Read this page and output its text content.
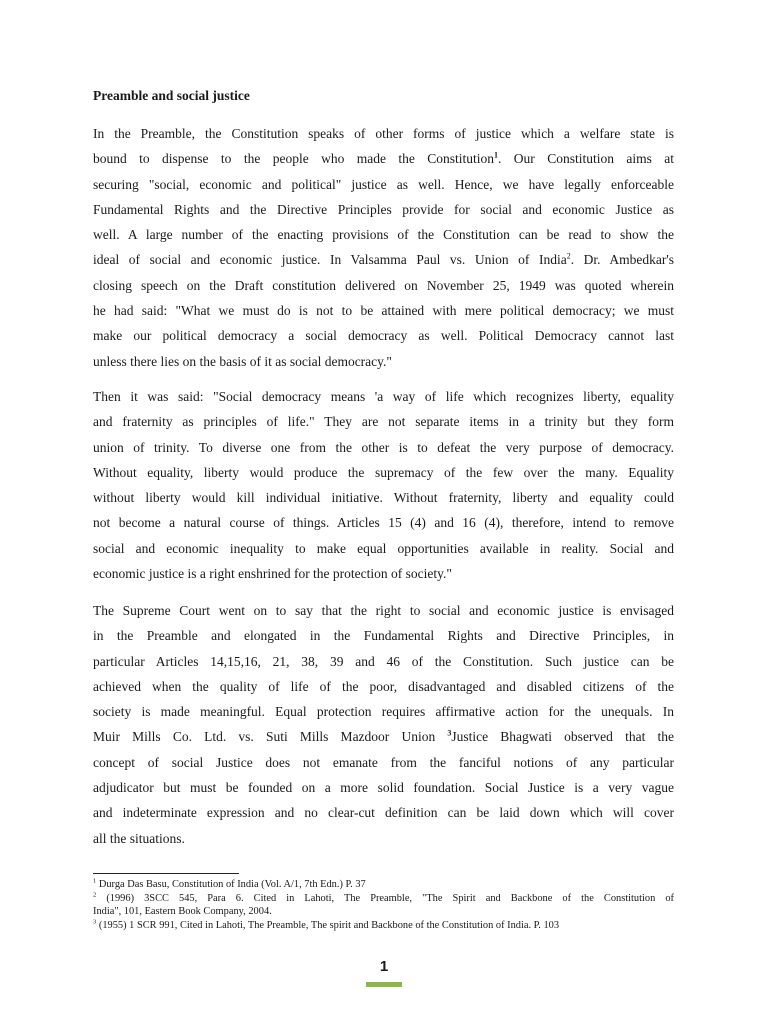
Preamble and social justice

In the Preamble, the Constitution speaks of other forms of justice which a welfare state is
bound to dispense to the people who made the Constitution$^1$. Our Constitution aims at
securing "social, economic and political" justice as well. Hence, we have legally enforceable
Fundamental Rights and the Directive Principles provide for social and economic Justice as
well. A large number of the enacting provisions of the Constitution can be read to show the
ideal of social and economic justice. In Valsamma Paul vs. Union of India$^2$. Dr. Ambedkar's
closing speech on the Draft constitution delivered on November 25, 1949 was quoted wherein
he had said: "What we must do is not to be attained with mere political democracy; we must
make our political democracy a social democracy as well. Political Democracy cannot last
unless there lies on the basis of it as social democracy."

Then it was said: "Social democracy means 'a way of life which recognizes liberty, equality
and fraternity as principles of life." They are not separate items in a trinity but they form
union of trinity. To diverse one from the other is to defeat the very purpose of democracy.
Without equality, liberty would produce the supremacy of the few over the many. Equality
without liberty would kill individual initiative. Without fraternity, liberty and equality could
not become a natural course of things. Articles 15 (4) and 16 (4), therefore, intend to remove
social and economic inequality to make equal opportunities available in reality. Social and
economic justice is a right enshrined for the protection of society."

The Supreme Court went on to say that the right to social and economic justice is envisaged
in the Preamble and elongated in the Fundamental Rights and Directive Principles, in
particular Articles 14,15,16, 21, 38, 39 and 46 of the Constitution. Such justice can be
achieved when the quality of life of the poor, disadvantaged and disabled citizens of the
society is made meaningful. Equal protection requires affirmative action for the unequals. In
Muir Mills Co. Ltd. vs. Suti Mills Mazdoor Union $^3$Justice Bhagwati observed that the
concept of social Justice does not emanate from the fanciful notions of any particular
adjudicator but must be founded on a more solid foundation. Social Justice is a very vague
and indeterminate expression and no clear-cut definition can be laid down which will cover
all the situations.

$^1$ Durga Das Basu, Constitution of India (Vol. A/1, 7th Edn.) P. 37
$^2$ (1996) 3SCC 545, Para 6. Cited in Lahoti, The Preamble, "The Spirit and Backbone of the Constitution of
India", 101, Eastern Book Company, 2004.
$^3$ (1955) 1 SCR 991, Cited in Lahoti, The Preamble, The spirit and Backbone of the Constitution of India. P. 103
1
